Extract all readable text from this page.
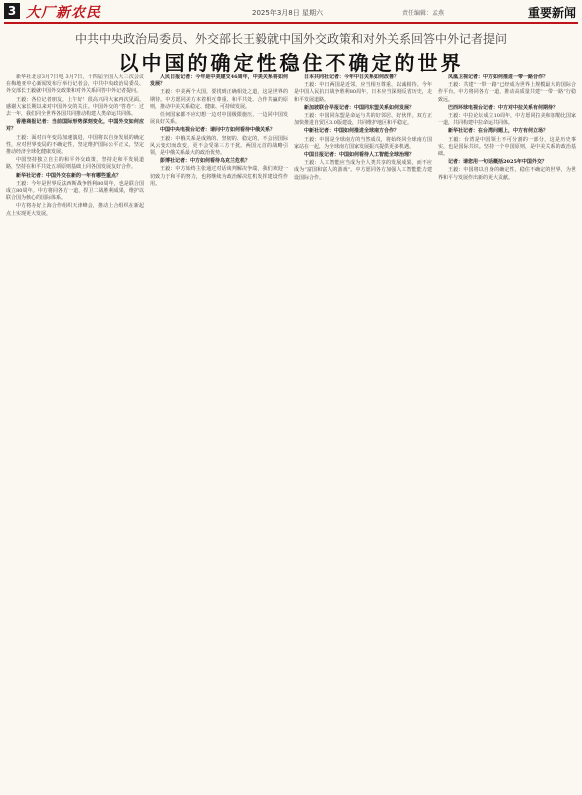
3 大厂新农民	2025年3月8日 星期六	责任编辑：孟燕	重要新闻
中共中央政治局委员、外交部长王毅就中国外交政策和对外关系回答中外记者提问
以中国的确定性稳住不确定的世界

新华社北京3月7日电 3月7日，十四届全国人大三次会议在梅地亚中心新闻发布厅举行记者会，中共中央政治局委员、外交部长王毅就中国外交政策和对外关系回答中外记者提问。

王毅：各位记者朋友，上午好！很高兴同大家再次见面。感谢大家长期以来对中国外交的关注。中国外交的“答卷”：过去一年，我们同全世界各国共同推动构建人类命运共同体。

香港商报记者：当前国际形势深刻变化，中国外交如何应对？

王毅：面对百年变局加速演进，中国将以自身发展的确定性，应对世界变局的不确定性，坚定维护国际公平正义，坚定推动经济全球化健康发展。

中国坚持独立自主的和平外交政策，坚持走和平发展道路，坚持在和平共处五项原则基础上同各国发展友好合作。

新华社记者：中国外交在新的一年有哪些重点？

王毅：今年是世界反法西斯战争胜利80周年，也是联合国成立80周年。中方将同各方一道，捍卫二战胜利成果，维护以联合国为核心的国际体系。

中方将办好上海合作组织天津峰会，推动上合组织在新起点上实现更大发展。

人民日报记者：今年是中美建交46周年，中美关系将如何发展？

王毅：中美两个大国，要找到正确相处之道，这是世界的期待。中方愿同美方本着相互尊重、和平共处、合作共赢的原则，推动中美关系稳定、健康、可持续发展。

任何国家都不应幻想一边对中国极限施压，一边同中国发展良好关系。

中国中央电视台记者：请问中方如何看待中俄关系？

王毅：中俄关系是成熟的、坚韧的、稳定的，不会因国际风云变幻而改变，更不会受第三方干扰。两国元首的战略引领，是中俄关系最大的政治优势。

彭博社记者：中方如何看待乌克兰危机？

王毅：中方始终主张通过对话谈判解决争端，我们欢迎一切致力于和平的努力，也将继续为政治解决危机发挥建设性作用。

日本共同社记者：今年中日关系如何改善？

王毅：中日两国是近邻，应当相互尊重、以诚相待。今年是中国人民抗日战争胜利80周年，日本应当深刻反省历史，走和平发展道路。

新加坡联合早报记者：中国同东盟关系如何发展？

王毅：中国同东盟是命运与共的好邻居、好伙伴。双方正加快推进自贸区3.0版建设，共同维护地区和平稳定。

中新社记者：中国如何推进全球南方合作？

王毅：中国是全球南方的当然成员，将始终同全球南方国家站在一起，为全球南方国家发展振兴提供更多机遇。

中国日报记者：中国如何看待人工智能全球治理？

王毅：人工智能应当成为全人类共享的发展成果，而不应成为“富国和富人的游戏”。中方愿同各方加强人工智能能力建设国际合作。

凤凰卫视记者：中方如何推进一带一路合作？

王毅：共建“一带一路”已经成为世界上规模最大的国际合作平台。中方将同各方一道，推动高质量共建“一带一路”行稳致远。

巴西环球电视台记者：中方对中拉关系有何期待？

王毅：中拉论坛成立10周年，中方愿同拉美和加勒比国家一道，共同构建中拉命运共同体。

新华社记者：在台湾问题上，中方有何立场？

王毅：台湾是中国领土不可分割的一部分，这是历史事实，也是国际共识。坚持一个中国原则，是中美关系的政治基础。

记者：请您用一句话概括2025年中国外交？

王毅：中国将以自身的确定性，稳住不确定的世界，为世界和平与发展作出新的更大贡献。
